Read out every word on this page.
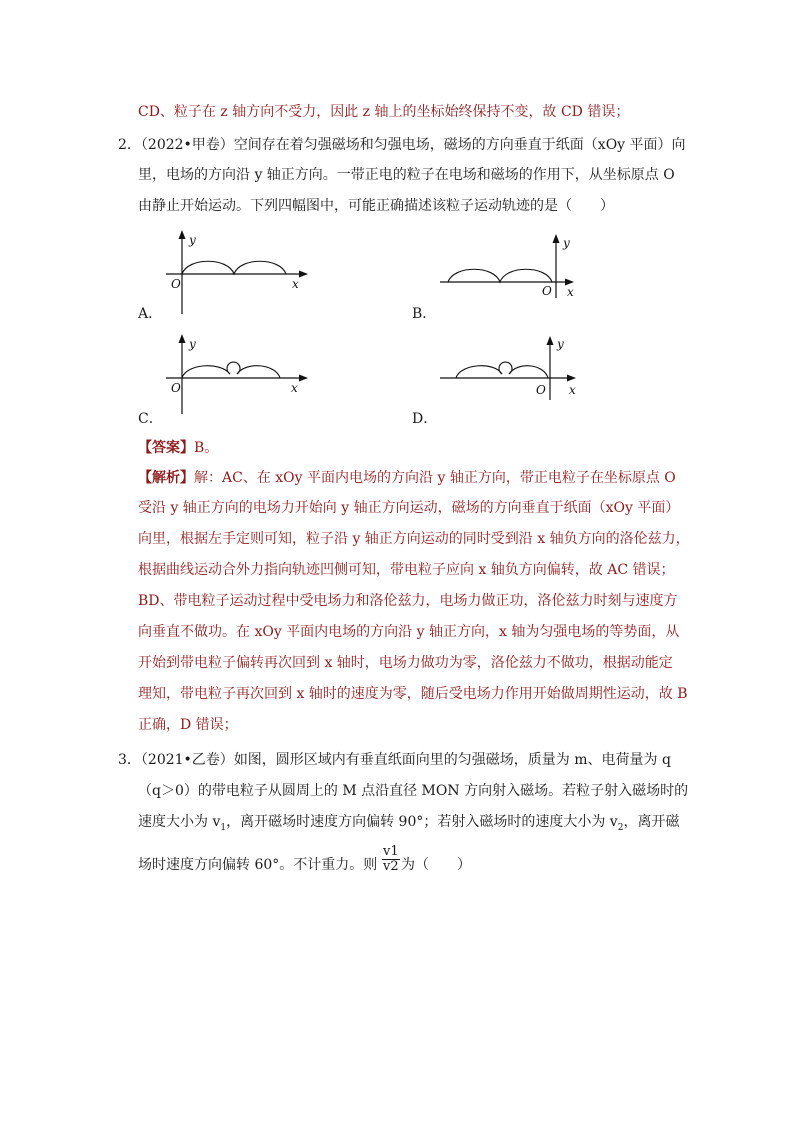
CD、粒子在 z 轴方向不受力，因此 z 轴上的坐标始终保持不变，故 CD 错误；
2．（2022•甲卷）空间存在着匀强磁场和匀强电场，磁场的方向垂直于纸面（xOy 平面）向
里，电场的方向沿 y 轴正方向。一带正电的粒子在电场和磁场的作用下，从坐标原点 O
由静止开始运动。下列四幅图中，可能正确描述该粒子运动轨迹的是（　　）
y
O	x
A．
y
O x
B．
y
O	x
C．
y
O x
D．
【答案】B。
【解析】解：AC、在 xOy 平面内电场的方向沿 y 轴正方向，带正电粒子在坐标原点 O
受沿 y 轴正方向的电场力开始向 y 轴正方向运动，磁场的方向垂直于纸面（xOy 平面）
向里，根据左手定则可知，粒子沿 y 轴正方向运动的同时受到沿 x 轴负方向的洛伦兹力，
根据曲线运动合外力指向轨迹凹侧可知，带电粒子应向 x 轴负方向偏转，故 AC 错误；
BD、带电粒子运动过程中受电场力和洛伦兹力，电场力做正功，洛伦兹力时刻与速度方
向垂直不做功。在 xOy 平面内电场的方向沿 y 轴正方向，x 轴为匀强电场的等势面，从
开始到带电粒子偏转再次回到 x 轴时，电场力做功为零，洛伦兹力不做功，根据动能定
理知，带电粒子再次回到 x 轴时的速度为零，随后受电场力作用开始做周期性运动，故 B
正确，D 错误；
3．（2021•乙卷）如图，圆形区域内有垂直纸面向里的匀强磁场，质量为 m、电荷量为 q
（q＞0）的带电粒子从圆周上的 M 点沿直径 MON 方向射入磁场。若粒子射入磁场时的
速度大小为 $v_1$，离开磁场时速度方向偏转 90°；若射入磁场时的速度大小为 $v_2$，离开磁
场时速度方向偏转 60°。不计重力。则 $\frac{v1}{v2}$ 为（　　）
